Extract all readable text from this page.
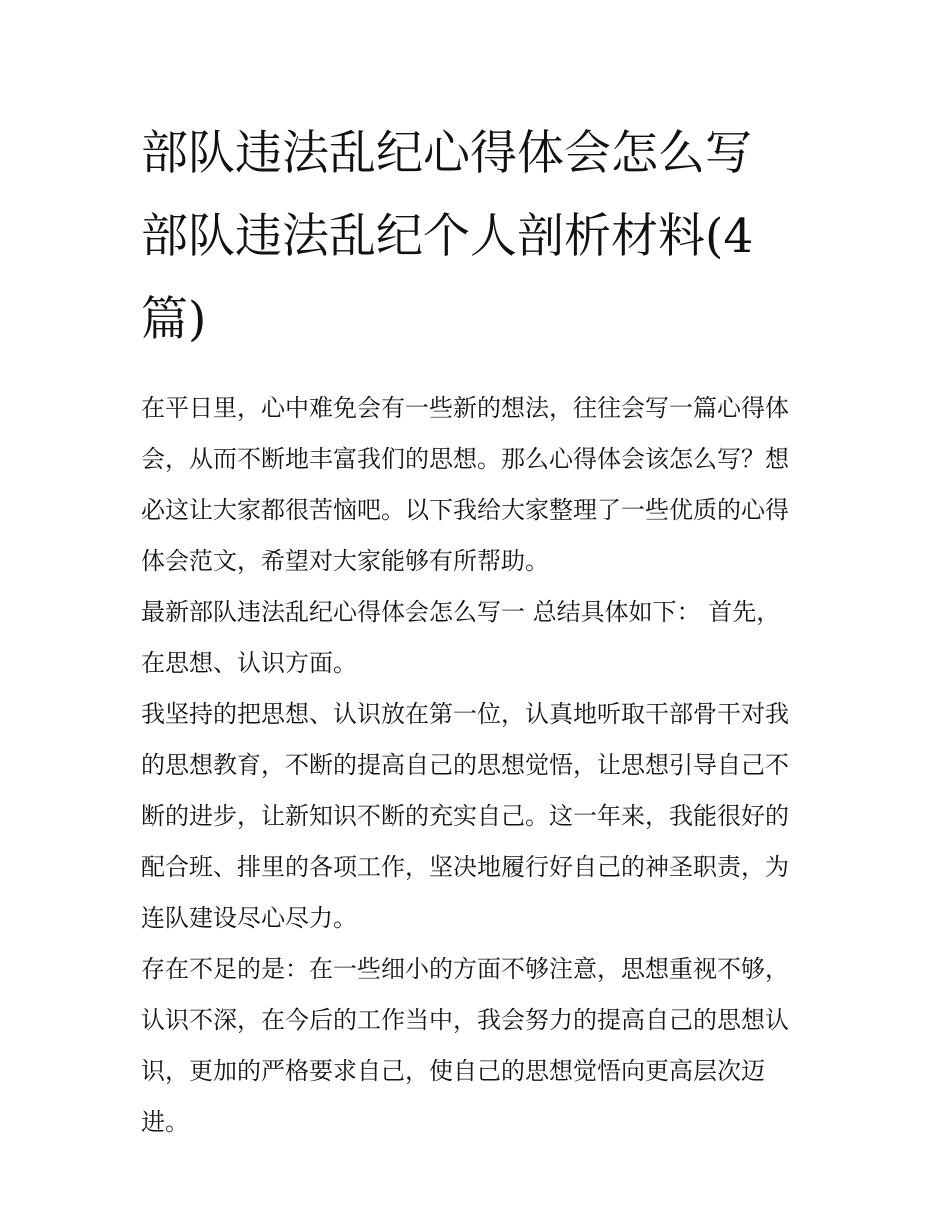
部队违法乱纪心得体会怎么写
部队违法乱纪个人剖析材料(4
篇)

在平日里，心中难免会有一些新的想法，往往会写一篇心得体
会，从而不断地丰富我们的思想。那么心得体会该怎么写？想
必这让大家都很苦恼吧。以下我给大家整理了一些优质的心得
体会范文，希望对大家能够有所帮助。

最新部队违法乱纪心得体会怎么写一 总结具体如下： 首先，
在思想、认识方面。

我坚持的把思想、认识放在第一位，认真地听取干部骨干对我
的思想教育，不断的提高自己的思想觉悟，让思想引导自己不
断的进步，让新知识不断的充实自己。这一年来，我能很好的
配合班、排里的各项工作，坚决地履行好自己的神圣职责，为
连队建设尽心尽力。

存在不足的是：在一些细小的方面不够注意，思想重视不够，
认识不深，在今后的工作当中，我会努力的提高自己的思想认
识，更加的严格要求自己，使自己的思想觉悟向更高层次迈
进。
